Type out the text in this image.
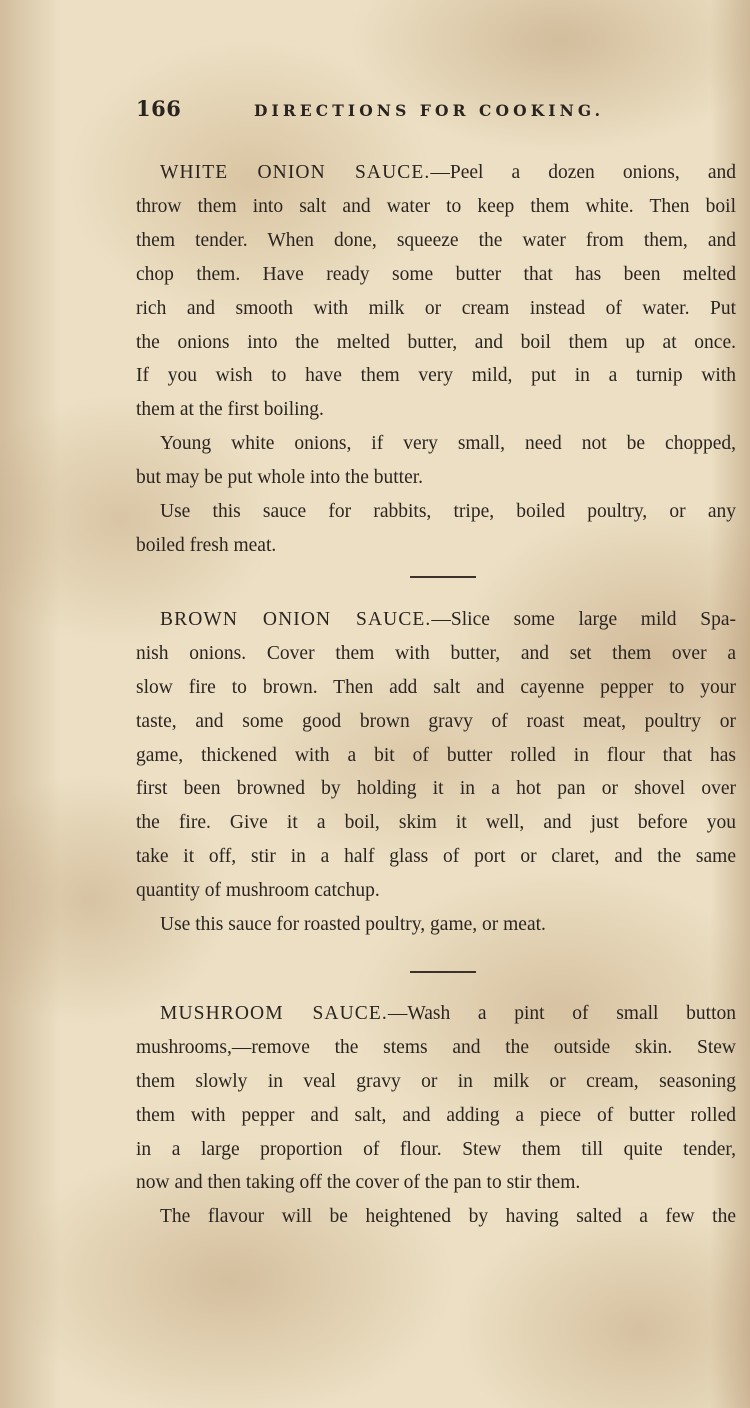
166	DIRECTIONS FOR COOKING.

WHITE ONION SAUCE.—Peel a dozen onions, and

throw them into salt and water to keep them white. Then boil

them tender. When done, squeeze the water from them, and

chop them. Have ready some butter that has been melted

rich and smooth with milk or cream instead of water. Put

the onions into the melted butter, and boil them up at once.

If you wish to have them very mild, put in a turnip with

them at the first boiling.

Young white onions, if very small, need not be chopped,

but may be put whole into the butter.

Use this sauce for rabbits, tripe, boiled poultry, or any

boiled fresh meat.

BROWN ONION SAUCE.—Slice some large mild Spa-

nish onions. Cover them with butter, and set them over a

slow fire to brown. Then add salt and cayenne pepper to your

taste, and some good brown gravy of roast meat, poultry or

game, thickened with a bit of butter rolled in flour that has

first been browned by holding it in a hot pan or shovel over

the fire. Give it a boil, skim it well, and just before you

take it off, stir in a half glass of port or claret, and the same

quantity of mushroom catchup.

Use this sauce for roasted poultry, game, or meat.

MUSHROOM SAUCE.—Wash a pint of small button

mushrooms,—remove the stems and the outside skin. Stew

them slowly in veal gravy or in milk or cream, seasoning

them with pepper and salt, and adding a piece of butter rolled

in a large proportion of flour. Stew them till quite tender,

now and then taking off the cover of the pan to stir them.

The flavour will be heightened by having salted a few the
